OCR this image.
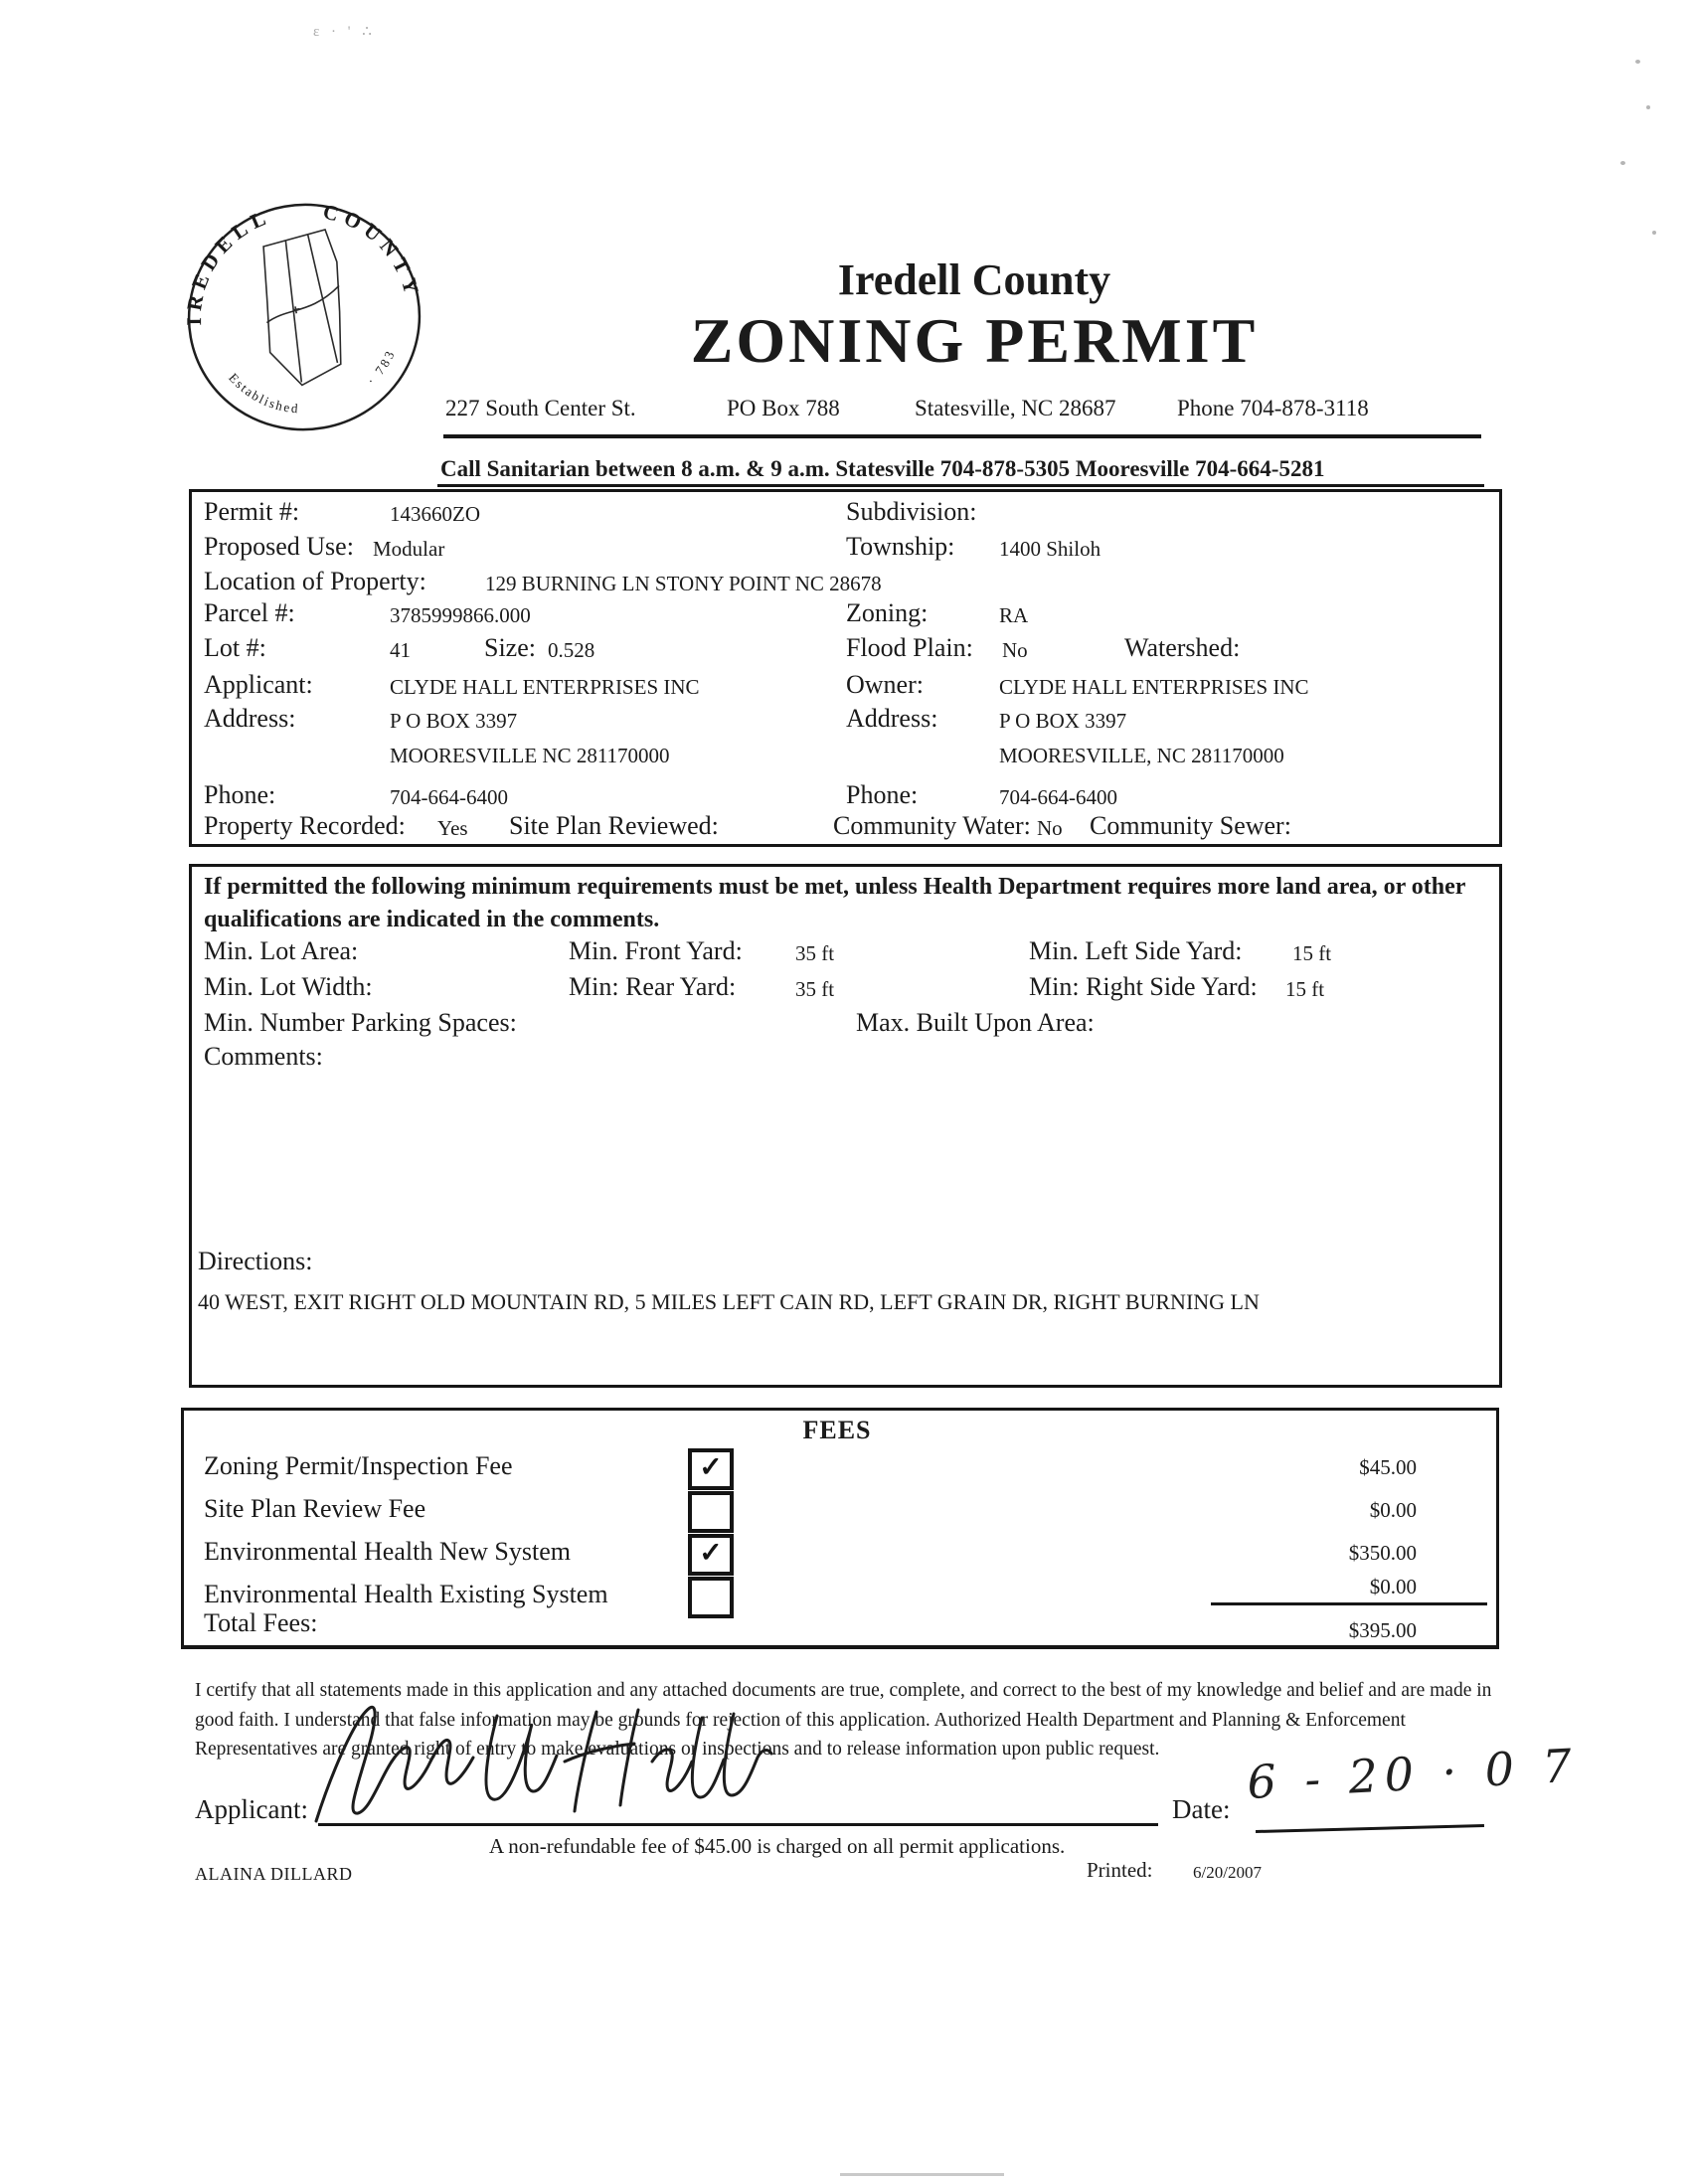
ε · ' ∴
IREDELL	COUNTY
Established
· 783
Iredell County
ZONING PERMIT
227 South Center St.	PO Box 788	Statesville, NC 28687	Phone 704-878-3118
Call Sanitarian between 8 a.m. & 9 a.m. Statesville 704-878-5305 Mooresville 704-664-5281
Permit #:	143660ZO	Subdivision:
Proposed Use: Modular	Township: 1400 Shiloh
Location of Property:	129 BURNING LN STONY POINT NC 28678
Parcel #:	3785999866.000	Zoning:	RA
Lot #:	41	Size: 0.528	Flood Plain: No	Watershed:
Applicant:	CLYDE HALL ENTERPRISES INC	Owner:	CLYDE HALL ENTERPRISES INC
Address:	P O BOX 3397	Address:	P O BOX 3397
MOORESVILLE NC 281170000	MOORESVILLE, NC 281170000
Phone:	704-664-6400	Phone:	704-664-6400
Property Recorded: Yes Site Plan Reviewed:	Community Water: No Community Sewer:
If permitted the following minimum requirements must be met, unless Health Department requires more land area, or other qualifications are indicated in the comments.
Min. Lot Area:	Min. Front Yard:	35 ft	Min. Left Side Yard: 15 ft
Min. Lot Width:	Min: Rear Yard:	35 ft	Min: Right Side Yard: 15 ft
Min. Number Parking Spaces:	Max. Built Upon Area:
Comments:
Directions:
40 WEST, EXIT RIGHT OLD MOUNTAIN RD, 5 MILES LEFT CAIN RD, LEFT GRAIN DR, RIGHT BURNING LN
FEES
Zoning Permit/Inspection Fee	✓	$45.00
Site Plan Review Fee	$0.00
Environmental Health New System	✓	$350.00
Environmental Health Existing System	$0.00
Total Fees:	$395.00
I certify that all statements made in this application and any attached documents are true, complete, and correct to the best of my knowledge and belief and are made in good faith. I understand that false information may be grounds for rejection of this application. Authorized Health Department and Planning & Enforcement Representatives are granted right of entry to make evaluations or inspections and to release information upon public request.
Applicant:	Date: 6 - 20 · 0 7
A non-refundable fee of $45.00 is charged on all permit applications.
ALAINA DILLARD	Printed: 6/20/2007
